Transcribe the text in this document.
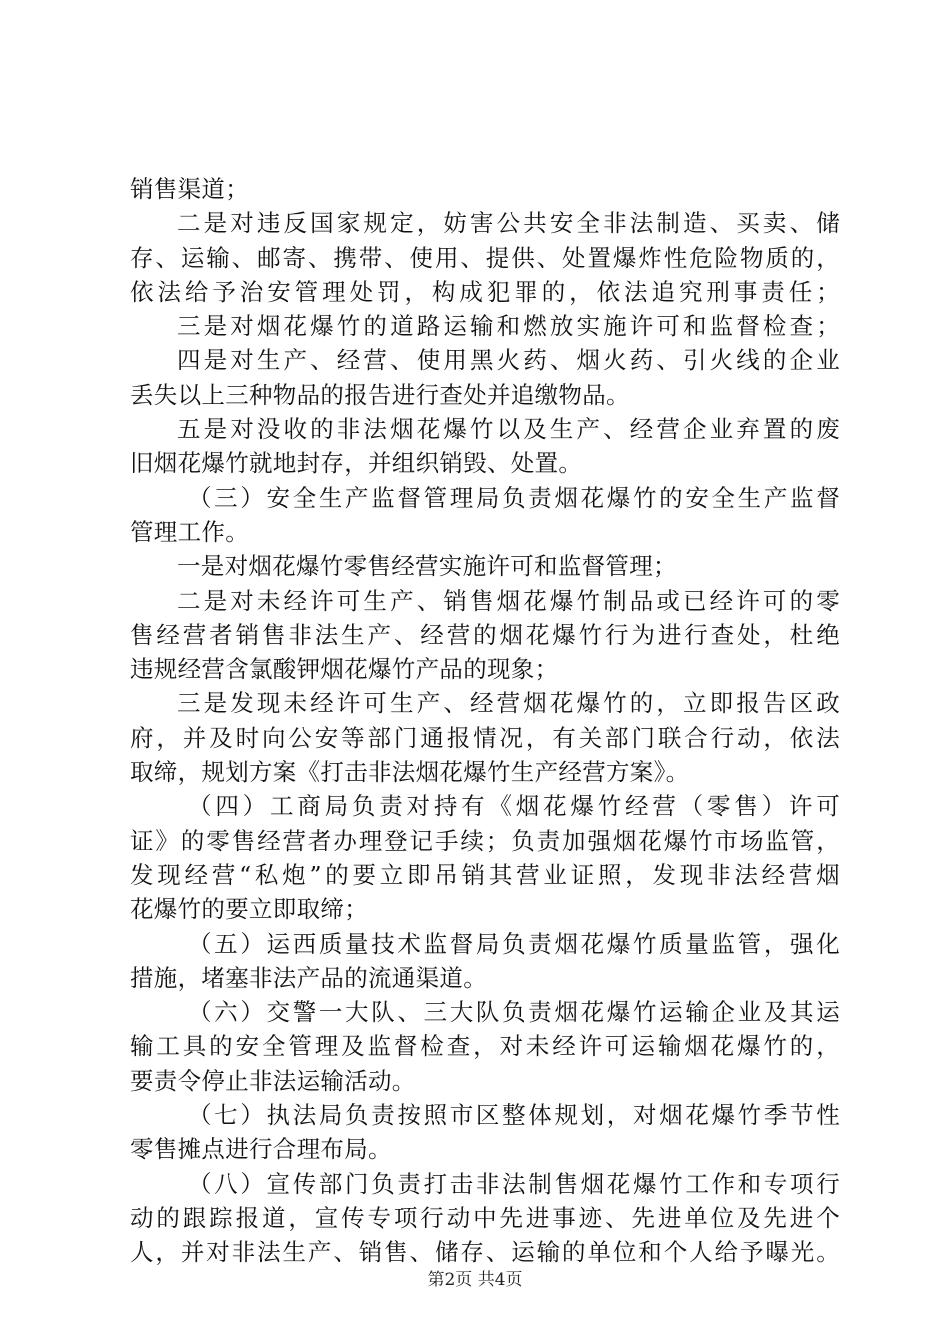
销售渠道；
二是对违反国家规定，妨害公共安全非法制造、买卖、储
存、运输、邮寄、携带、使用、提供、处置爆炸性危险物质的，
依法给予治安管理处罚，构成犯罪的，依法追究刑事责任；
三是对烟花爆竹的道路运输和燃放实施许可和监督检查；
四是对生产、经营、使用黑火药、烟火药、引火线的企业
丢失以上三种物品的报告进行查处并追缴物品。
五是对没收的非法烟花爆竹以及生产、经营企业弃置的废
旧烟花爆竹就地封存，并组织销毁、处置。
（三）安全生产监督管理局负责烟花爆竹的安全生产监督
管理工作。
一是对烟花爆竹零售经营实施许可和监督管理；
二是对未经许可生产、销售烟花爆竹制品或已经许可的零
售经营者销售非法生产、经营的烟花爆竹行为进行查处，杜绝
违规经营含氯酸钾烟花爆竹产品的现象；
三是发现未经许可生产、经营烟花爆竹的，立即报告区政
府，并及时向公安等部门通报情况，有关部门联合行动，依法
取缔，规划方案《打击非法烟花爆竹生产经营方案》。
（四）工商局负责对持有《烟花爆竹经营（零售）许可
证》的零售经营者办理登记手续；负责加强烟花爆竹市场监管，
发现经营“私炮”的要立即吊销其营业证照，发现非法经营烟
花爆竹的要立即取缔；
（五）运西质量技术监督局负责烟花爆竹质量监管，强化
措施，堵塞非法产品的流通渠道。
（六）交警一大队、三大队负责烟花爆竹运输企业及其运
输工具的安全管理及监督检查，对未经许可运输烟花爆竹的，
要责令停止非法运输活动。
（七）执法局负责按照市区整体规划，对烟花爆竹季节性
零售摊点进行合理布局。
（八）宣传部门负责打击非法制售烟花爆竹工作和专项行
动的跟踪报道，宣传专项行动中先进事迹、先进单位及先进个
人，并对非法生产、销售、储存、运输的单位和个人给予曝光。
第2页 共4页
